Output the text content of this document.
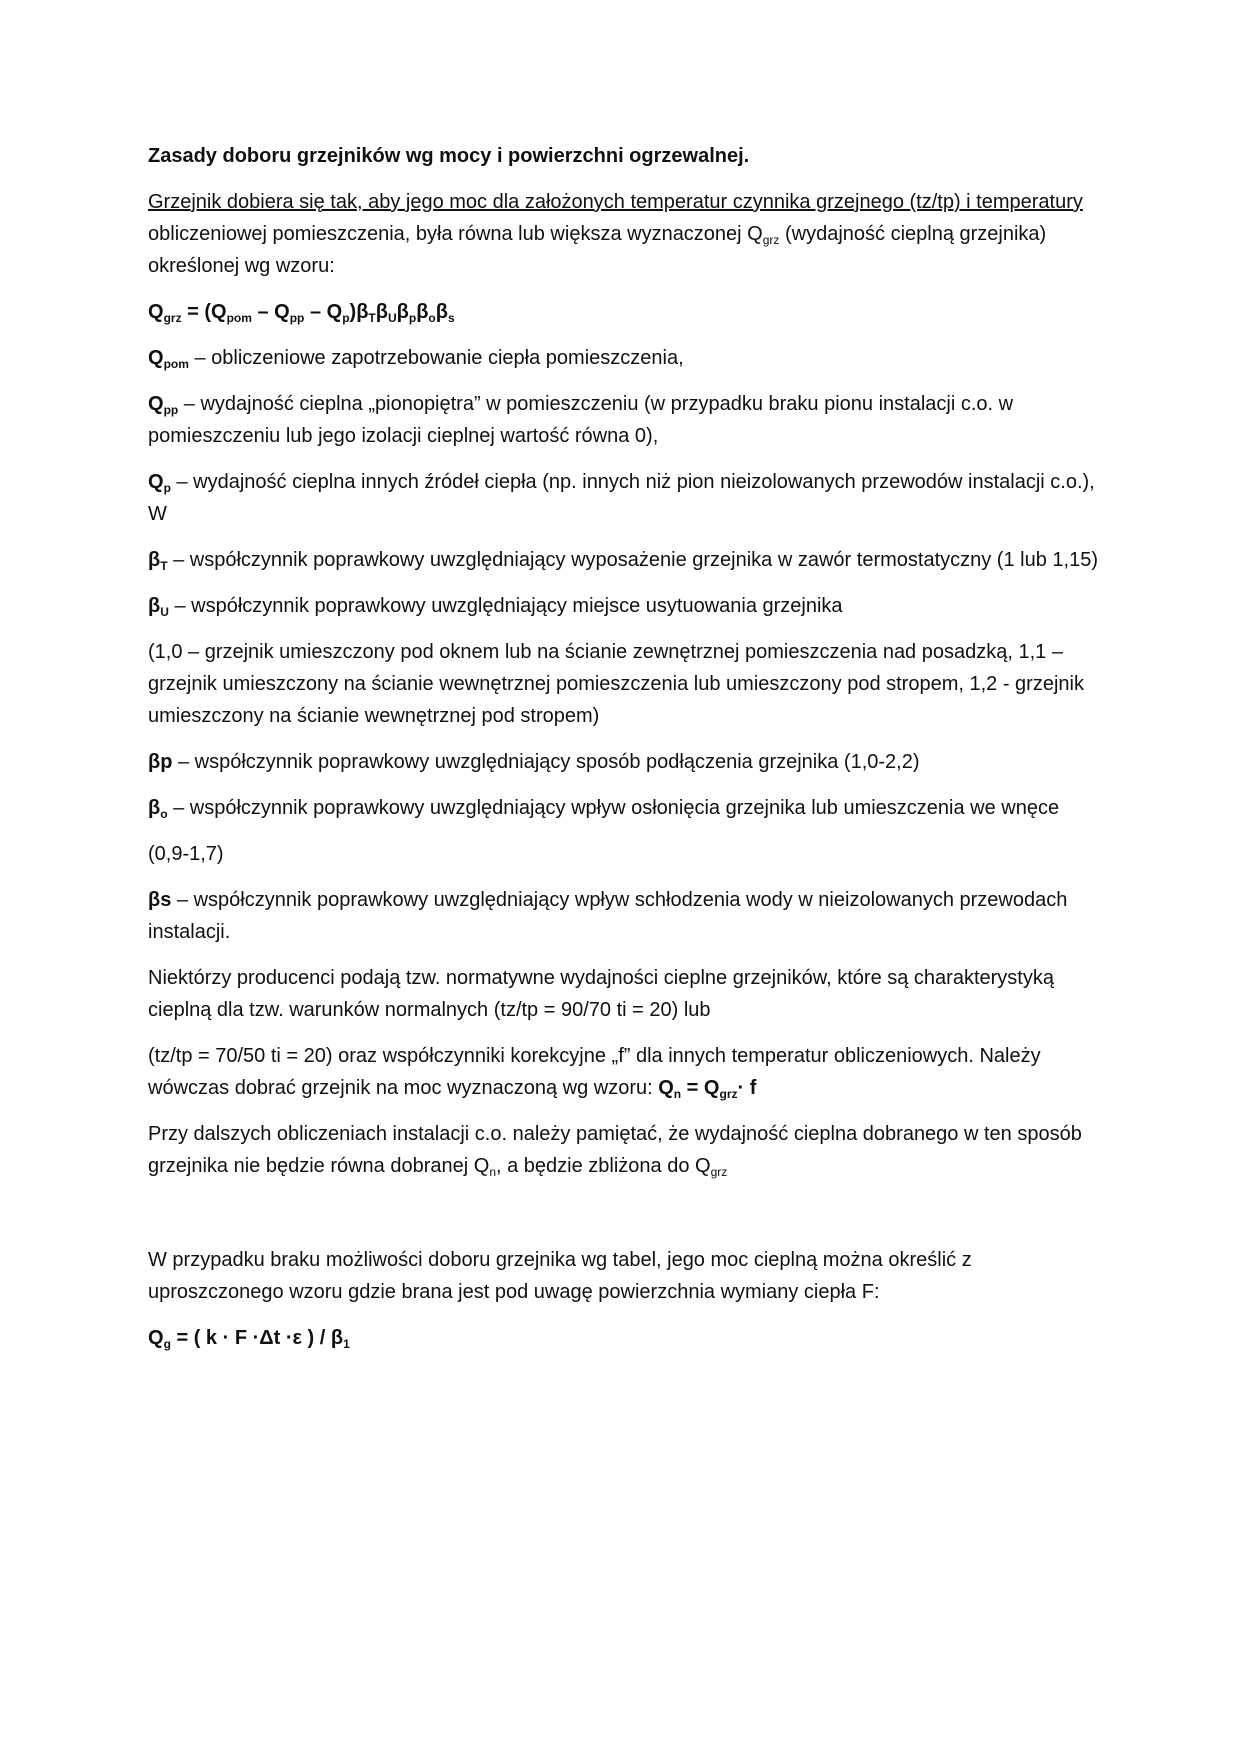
Zasady doboru grzejników wg mocy i powierzchni ogrzewalnej.

Grzejnik dobiera się tak, aby jego moc dla założonych temperatur czynnika grzejnego (tz/tp) i temperatury obliczeniowej pomieszczenia, była równa lub większa wyznaczonej $Q_{grz}$ (wydajność cieplną grzejnika) określonej wg wzoru:

$Q_{grz} = (Q_{pom} - Q_{pp} - Q_p)\beta_T\beta_U\beta_p\beta_o\beta_s$

$Q_{pom}$ – obliczeniowe zapotrzebowanie ciepła pomieszczenia,

$Q_{pp}$ – wydajność cieplna „pionopiętra” w pomieszczeniu (w przypadku braku pionu instalacji c.o. w pomieszczeniu lub jego izolacji cieplnej wartość równa 0),

$Q_p$ – wydajność cieplna innych źródeł ciepła (np. innych niż pion nieizolowanych przewodów instalacji c.o.), W

$\beta_T$ – współczynnik poprawkowy uwzględniający wyposażenie grzejnika w zawór termostatyczny (1 lub 1,15)

$\beta_U$ – współczynnik poprawkowy uwzględniający miejsce usytuowania grzejnika

(1,0 – grzejnik umieszczony pod oknem lub na ścianie zewnętrznej pomieszczenia nad posadzką, 1,1 – grzejnik umieszczony na ścianie wewnętrznej pomieszczenia lub umieszczony pod stropem, 1,2 - grzejnik umieszczony na ścianie wewnętrznej pod stropem)

βp – współczynnik poprawkowy uwzględniający sposób podłączenia grzejnika (1,0-2,2)

$\beta_o$ – współczynnik poprawkowy uwzględniający wpływ osłonięcia grzejnika lub umieszczenia we wnęce

(0,9-1,7)

βs – współczynnik poprawkowy uwzględniający wpływ schłodzenia wody w nieizolowanych przewodach instalacji.

Niektórzy producenci podają tzw. normatywne wydajności cieplne grzejników, które są charakterystyką cieplną dla tzw. warunków normalnych (tz/tp = 90/70 ti = 20) lub

(tz/tp = 70/50 ti = 20) oraz współczynniki korekcyjne „f” dla innych temperatur obliczeniowych. Należy wówczas dobrać grzejnik na moc wyznaczoną wg wzoru: $Q_n = Q_{grz}\cdot f$

Przy dalszych obliczeniach instalacji c.o. należy pamiętać, że wydajność cieplna dobranego w ten sposób grzejnika nie będzie równa dobranej $Q_n$, a będzie zbliżona do $Q_{grz}$

W przypadku braku możliwości doboru grzejnika wg tabel, jego moc cieplną można określić z uproszczonego wzoru gdzie brana jest pod uwagę powierzchnia wymiany ciepła F:

$Q_g$ = ( k · F ·Δt ·ε ) / $\beta_1$
